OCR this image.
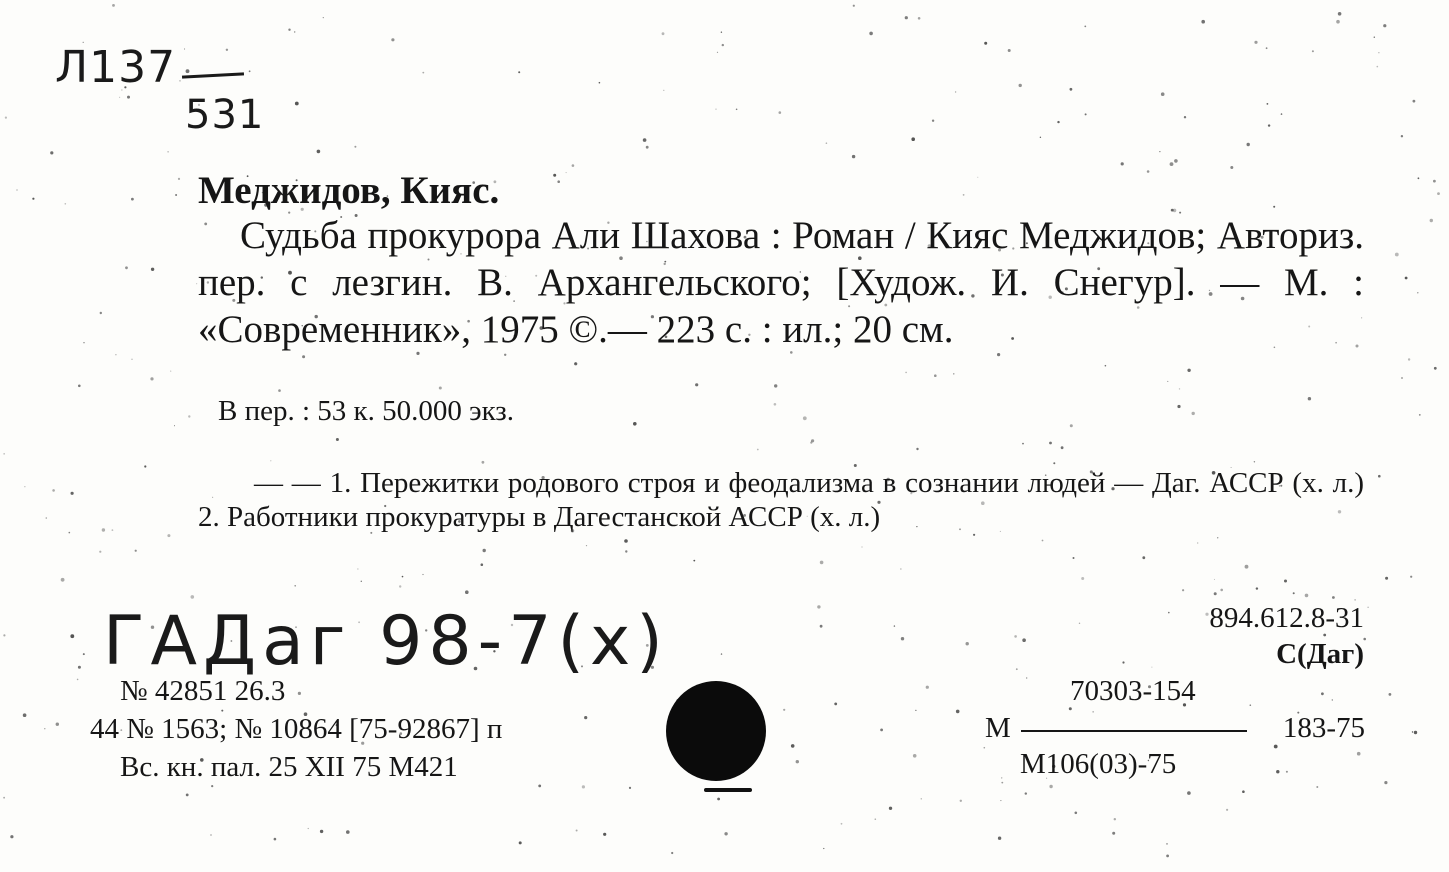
Л137
531
Меджидов, Кияс.

Судьба прокурора Али Шахова : Роман / Кияс Меджидов; Авториз. пер. с лезгин. В. Архангельского; [Худож. И. Снегур]. — М. : «Современник», 1975 ©.— 223 с. : ил.; 20 см.

В пер. : 53 к. 50.000 экз.

— — 1. Пережитки родового строя и феодализма в сознании людей — Даг. АССР (х. л.) 2. Работники прокуратуры в Дагестанской АССР (х. л.)

ГАДаг 98-7(х)
№ 42851 26.3
44 № 1563; № 10864 [75-92867] п
Вс. кн. пал. 25 XII 75 М421
894.612.8-31
С(Даг)
70303-154
М	183-75
М106(03)-75
